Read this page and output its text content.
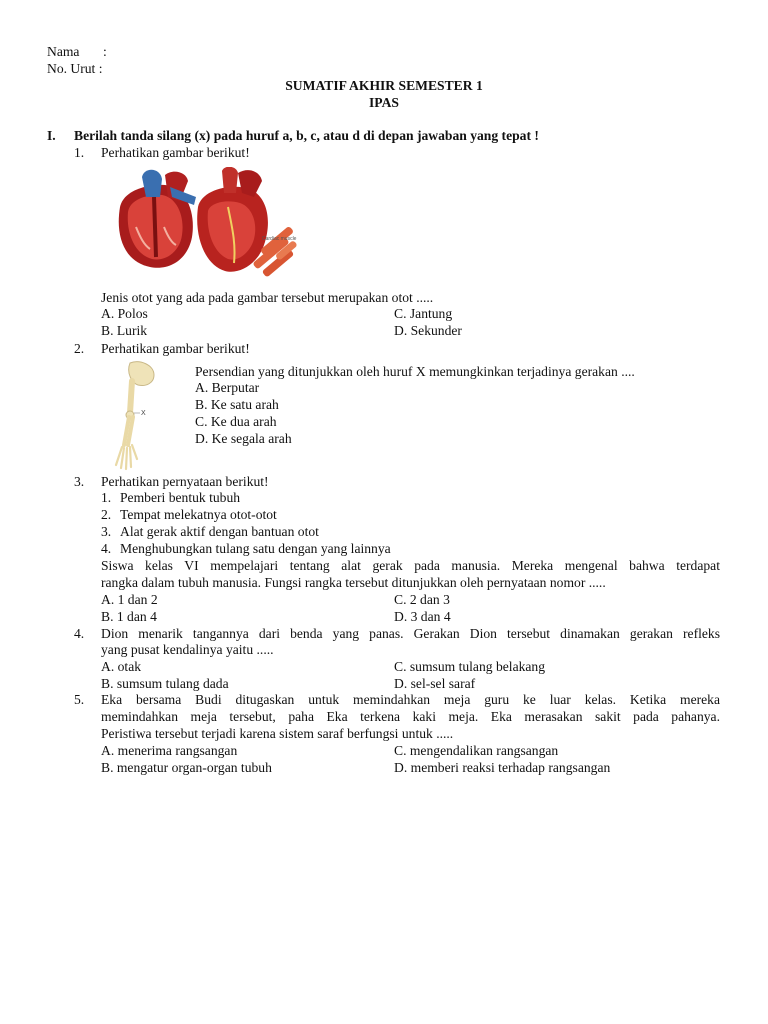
Nama :
No. Urut :
SUMATIF AKHIR SEMESTER 1
IPAS
I. Berilah tanda silang (x) pada huruf a, b, c, atau d di depan jawaban yang tepat !
1. Perhatikan gambar berikut!
Cardiac muscle
Jenis otot yang ada pada gambar tersebut merupakan otot .....
A. Polos	C. Jantung
B. Lurik	D. Sekunder
2. Perhatikan gambar berikut!
X
Persendian yang ditunjukkan oleh huruf X memungkinkan terjadinya gerakan ....
A. Berputar
B. Ke satu arah
C. Ke dua arah
D. Ke segala arah
3. Perhatikan pernyataan berikut!
1. Pemberi bentuk tubuh
2. Tempat melekatnya otot-otot
3. Alat gerak aktif dengan bantuan otot
4. Menghubungkan tulang satu dengan yang lainnya
Siswa kelas VI mempelajari tentang alat gerak pada manusia. Mereka mengenal bahwa terdapat
rangka dalam tubuh manusia. Fungsi rangka tersebut ditunjukkan oleh pernyataan nomor .....
A. 1 dan 2	C. 2 dan 3
B. 1 dan 4	D. 3 dan 4
4. Dion menarik tangannya dari benda yang panas. Gerakan Dion tersebut dinamakan gerakan refleks
yang pusat kendalinya yaitu .....
A. otak	C. sumsum tulang belakang
B. sumsum tulang dada	D. sel-sel saraf
5. Eka bersama Budi ditugaskan untuk memindahkan meja guru ke luar kelas. Ketika mereka
memindahkan meja tersebut, paha Eka terkena kaki meja. Eka merasakan sakit pada pahanya.
Peristiwa tersebut terjadi karena sistem saraf berfungsi untuk .....
A. menerima rangsangan	C. mengendalikan rangsangan
B. mengatur organ-organ tubuh	D. memberi reaksi terhadap rangsangan
